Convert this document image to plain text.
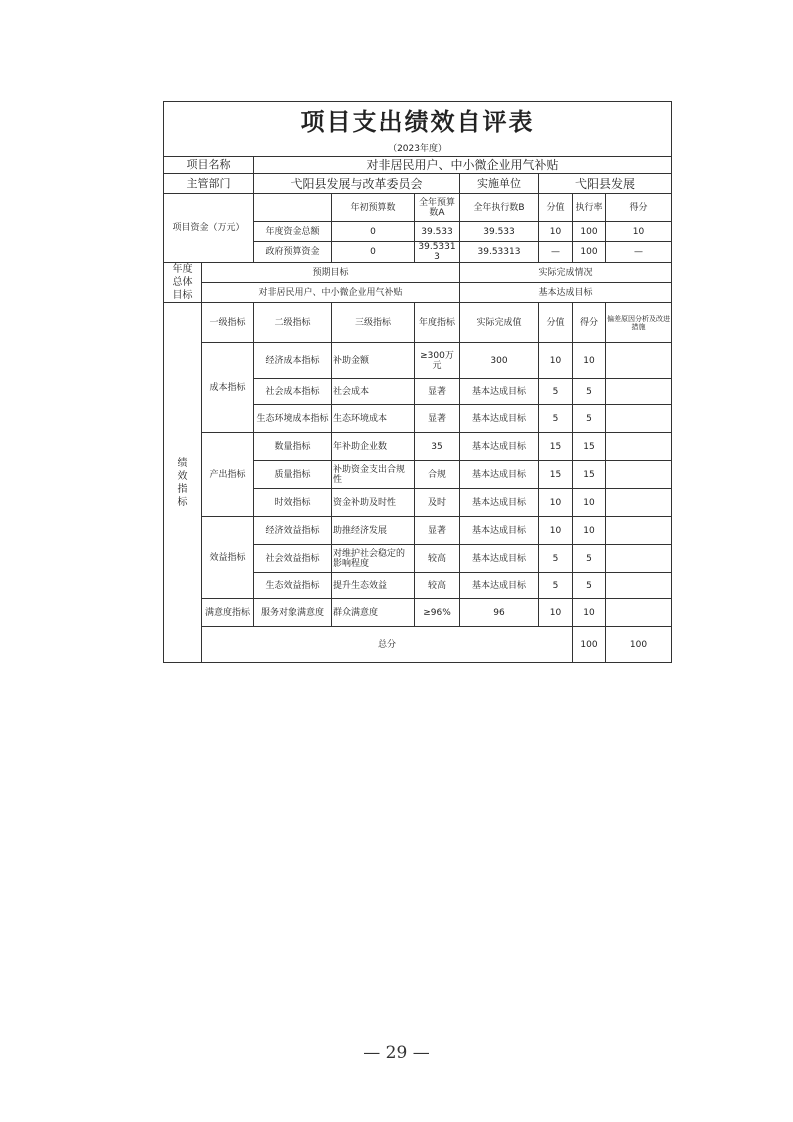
项目支出绩效自评表									
（2023年度）									
项目名称		对非居民用户、中小微企业用气补贴							
主管部门		弋阳县发展与改革委员会			实施单位	弋阳县发展			
项目资金（万元）			年初预算数	全年预算数A	全年执行数B	分值	执行率	得分	
		年度资金总额	0	39.533	39.533	10	100	10	
		政府预算资金	0	39.53313	39.53313	—	100	—	
年度总体目标	预期目标				实际完成情况				
	对非居民用户、中小微企业用气补贴				基本达成目标				
绩效指标	一级指标	二级指标	三级指标	年度指标	实际完成值	分值	得分	偏差原因分析及改进措施	
	成本指标	经济成本指标	补助金额	≥300万元	300	10	10		
		社会成本指标	社会成本	显著	基本达成目标	5	5		
		生态环境成本指标	生态环境成本	显著	基本达成目标	5	5		
	产出指标	数量指标	年补助企业数	35	基本达成目标	15	15		
		质量指标	补助资金支出合规性	合规	基本达成目标	15	15		
		时效指标	资金补助及时性	及时	基本达成目标	10	10		
	效益指标	经济效益指标	助推经济发展	显著	基本达成目标	10	10		
		社会效益指标	对维护社会稳定的影响程度	较高	基本达成目标	5	5		
		生态效益指标	提升生态效益	较高	基本达成目标	5	5		
	满意度指标	服务对象满意度	群众满意度	≥96%	96	10	10		
	总分						100	100	
— 29 —
